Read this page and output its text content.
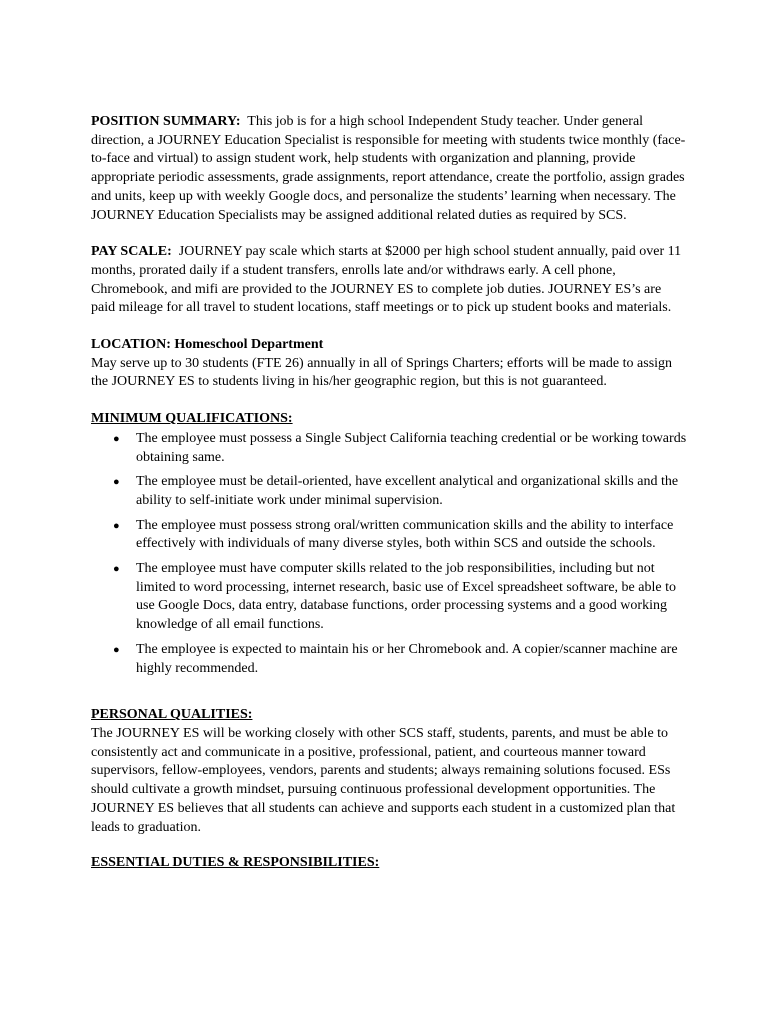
POSITION SUMMARY: This job is for a high school Independent Study teacher. Under general direction, a JOURNEY Education Specialist is responsible for meeting with students twice monthly (face-to-face and virtual) to assign student work, help students with organization and planning, provide appropriate periodic assessments, grade assignments, report attendance, create the portfolio, assign grades and units, keep up with weekly Google docs, and personalize the students’ learning when necessary. The JOURNEY Education Specialists may be assigned additional related duties as required by SCS.

PAY SCALE: JOURNEY pay scale which starts at $2000 per high school student annually, paid over 11 months, prorated daily if a student transfers, enrolls late and/or withdraws early. A cell phone, Chromebook, and mifi are provided to the JOURNEY ES to complete job duties. JOURNEY ES’s are paid mileage for all travel to student locations, staff meetings or to pick up student books and materials.

LOCATION: Homeschool Department
May serve up to 30 students (FTE 26) annually in all of Springs Charters; efforts will be made to assign the JOURNEY ES to students living in his/her geographic region, but this is not guaranteed.
MINIMUM QUALIFICATIONS:
● The employee must possess a Single Subject California teaching credential or be working towards obtaining same.
● The employee must be detail-oriented, have excellent analytical and organizational skills and the ability to self-initiate work under minimal supervision.
● The employee must possess strong oral/written communication skills and the ability to interface effectively with individuals of many diverse styles, both within SCS and outside the schools.
● The employee must have computer skills related to the job responsibilities, including but not limited to word processing, internet research, basic use of Excel spreadsheet software, be able to use Google Docs, data entry, database functions, order processing systems and a good working knowledge of all email functions.
● The employee is expected to maintain his or her Chromebook and. A copier/scanner machine are highly recommended.
PERSONAL QUALITIES:
The JOURNEY ES will be working closely with other SCS staff, students, parents, and must be able to consistently act and communicate in a positive, professional, patient, and courteous manner toward supervisors, fellow-employees, vendors, parents and students; always remaining solutions focused. ESs should cultivate a growth mindset, pursuing continuous professional development opportunities. The JOURNEY ES believes that all students can achieve and supports each student in a customized plan that leads to graduation.
ESSENTIAL DUTIES & RESPONSIBILITIES:
